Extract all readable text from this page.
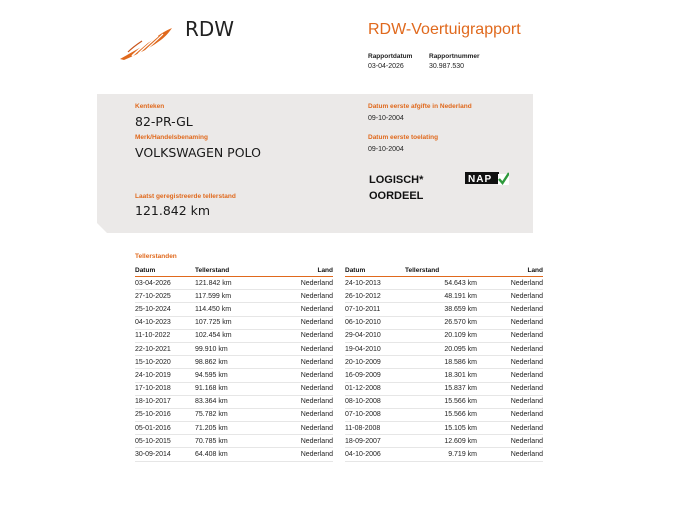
RDW	RDW-Voertuigrapport
Rapportdatum
03-04-2026
Rapportnummer
30.987.530
Kenteken
82-PR-GL
Merk/Handelsbenaming
VOLKSWAGEN POLO
Laatst geregistreerde tellerstand
121.842 km
Datum eerste afgifte in Nederland
09-10-2004
Datum eerste toelating
09-10-2004
LOGISCH*
OORDEEL
NAP
Tellerstanden
Datum	Tellerstand	Land
03-04-2026	121.842 km	Nederland
27-10-2025	117.599 km	Nederland
25-10-2024	114.450 km	Nederland
04-10-2023	107.725 km	Nederland
11-10-2022	102.454 km	Nederland
22-10-2021	99.910 km	Nederland
15-10-2020	98.862 km	Nederland
24-10-2019	94.595 km	Nederland
17-10-2018	91.168 km	Nederland
18-10-2017	83.364 km	Nederland
25-10-2016	75.782 km	Nederland
05-01-2016	71.205 km	Nederland
05-10-2015	70.785 km	Nederland
30-09-2014	64.408 km	Nederland
Datum	Tellerstand	Land
24-10-2013	54.643 km	Nederland
26-10-2012	48.191 km	Nederland
07-10-2011	38.659 km	Nederland
06-10-2010	26.570 km	Nederland
29-04-2010	20.109 km	Nederland
19-04-2010	20.095 km	Nederland
20-10-2009	18.586 km	Nederland
16-09-2009	18.301 km	Nederland
01-12-2008	15.837 km	Nederland
08-10-2008	15.566 km	Nederland
07-10-2008	15.566 km	Nederland
11-08-2008	15.105 km	Nederland
18-09-2007	12.609 km	Nederland
04-10-2006	9.719 km	Nederland
